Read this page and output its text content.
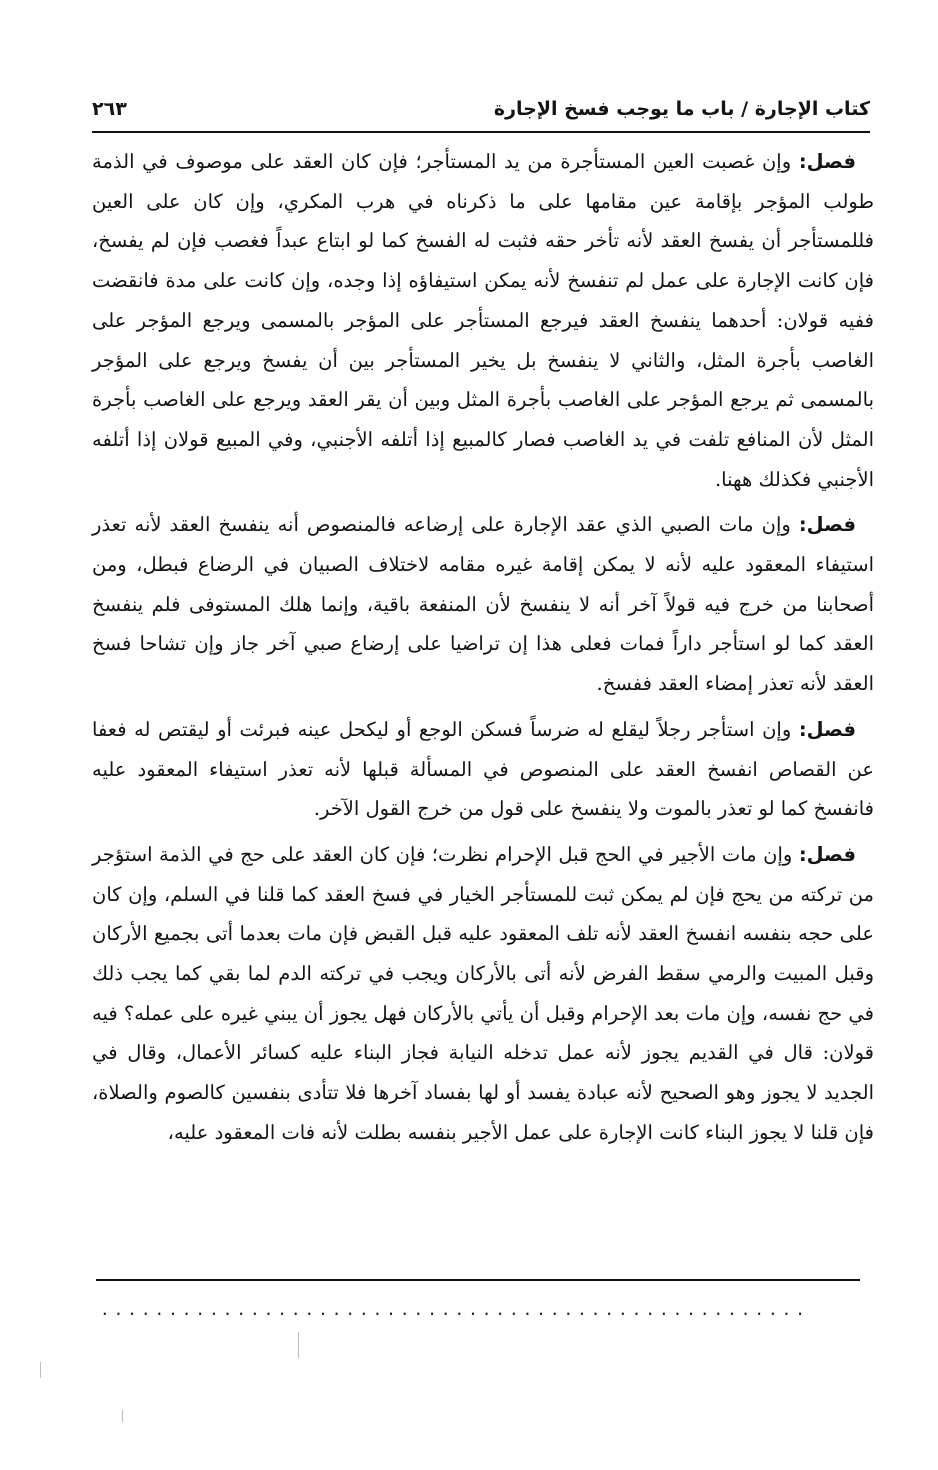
كتاب الإجارة / باب ما يوجب فسخ الإجارة
٢٦٣

فصل: وإن غصبت العين المستأجرة من يد المستأجر؛ فإن كان العقد على موصوف في الذمة طولب المؤجر بإقامة عين مقامها على ما ذكرناه في هرب المكري، وإن كان على العين فللمستأجر أن يفسخ العقد لأنه تأخر حقه فثبت له الفسخ كما لو ابتاع عبداً فغصب فإن لم يفسخ، فإن كانت الإجارة على عمل لم تنفسخ لأنه يمكن استيفاؤه إذا وجده، وإن كانت على مدة فانقضت ففيه قولان: أحدهما ينفسخ العقد فيرجع المستأجر على المؤجر بالمسمى ويرجع المؤجر على الغاصب بأجرة المثل، والثاني لا ينفسخ بل يخير المستأجر بين أن يفسخ ويرجع على المؤجر بالمسمى ثم يرجع المؤجر على الغاصب بأجرة المثل وبين أن يقر العقد ويرجع على الغاصب بأجرة المثل لأن المنافع تلفت في يد الغاصب فصار كالمبيع إذا أتلفه الأجنبي، وفي المبيع قولان إذا أتلفه الأجنبي فكذلك ههنا.

فصل: وإن مات الصبي الذي عقد الإجارة على إرضاعه فالمنصوص أنه ينفسخ العقد لأنه تعذر استيفاء المعقود عليه لأنه لا يمكن إقامة غيره مقامه لاختلاف الصبيان في الرضاع فبطل، ومن أصحابنا من خرج فيه قولاً آخر أنه لا ينفسخ لأن المنفعة باقية، وإنما هلك المستوفى فلم ينفسخ العقد كما لو استأجر داراً فمات فعلى هذا إن تراضيا على إرضاع صبي آخر جاز وإن تشاحا فسخ العقد لأنه تعذر إمضاء العقد ففسخ.

فصل: وإن استأجر رجلاً ليقلع له ضرساً فسكن الوجع أو ليكحل عينه فبرئت أو ليقتص له فعفا عن القصاص انفسخ العقد على المنصوص في المسألة قبلها لأنه تعذر استيفاء المعقود عليه فانفسخ كما لو تعذر بالموت ولا ينفسخ على قول من خرج القول الآخر.

فصل: وإن مات الأجير في الحج قبل الإحرام نظرت؛ فإن كان العقد على حج في الذمة استؤجر من تركته من يحج فإن لم يمكن ثبت للمستأجر الخيار في فسخ العقد كما قلنا في السلم، وإن كان على حجه بنفسه انفسخ العقد لأنه تلف المعقود عليه قبل القبض فإن مات بعدما أتى بجميع الأركان وقبل المبيت والرمي سقط الفرض لأنه أتى بالأركان ويجب في تركته الدم لما بقي كما يجب ذلك في حج نفسه، وإن مات بعد الإحرام وقبل أن يأتي بالأركان فهل يجوز أن يبني غيره على عمله؟ فيه قولان: قال في القديم يجوز لأنه عمل تدخله النيابة فجاز البناء عليه كسائر الأعمال، وقال في الجديد لا يجوز وهو الصحيح لأنه عبادة يفسد أو لها بفساد آخرها فلا تتأدى بنفسين كالصوم والصلاة، فإن قلنا لا يجوز البناء كانت الإجارة على عمل الأجير بنفسه بطلت لأنه فات المعقود عليه،

....................................................
